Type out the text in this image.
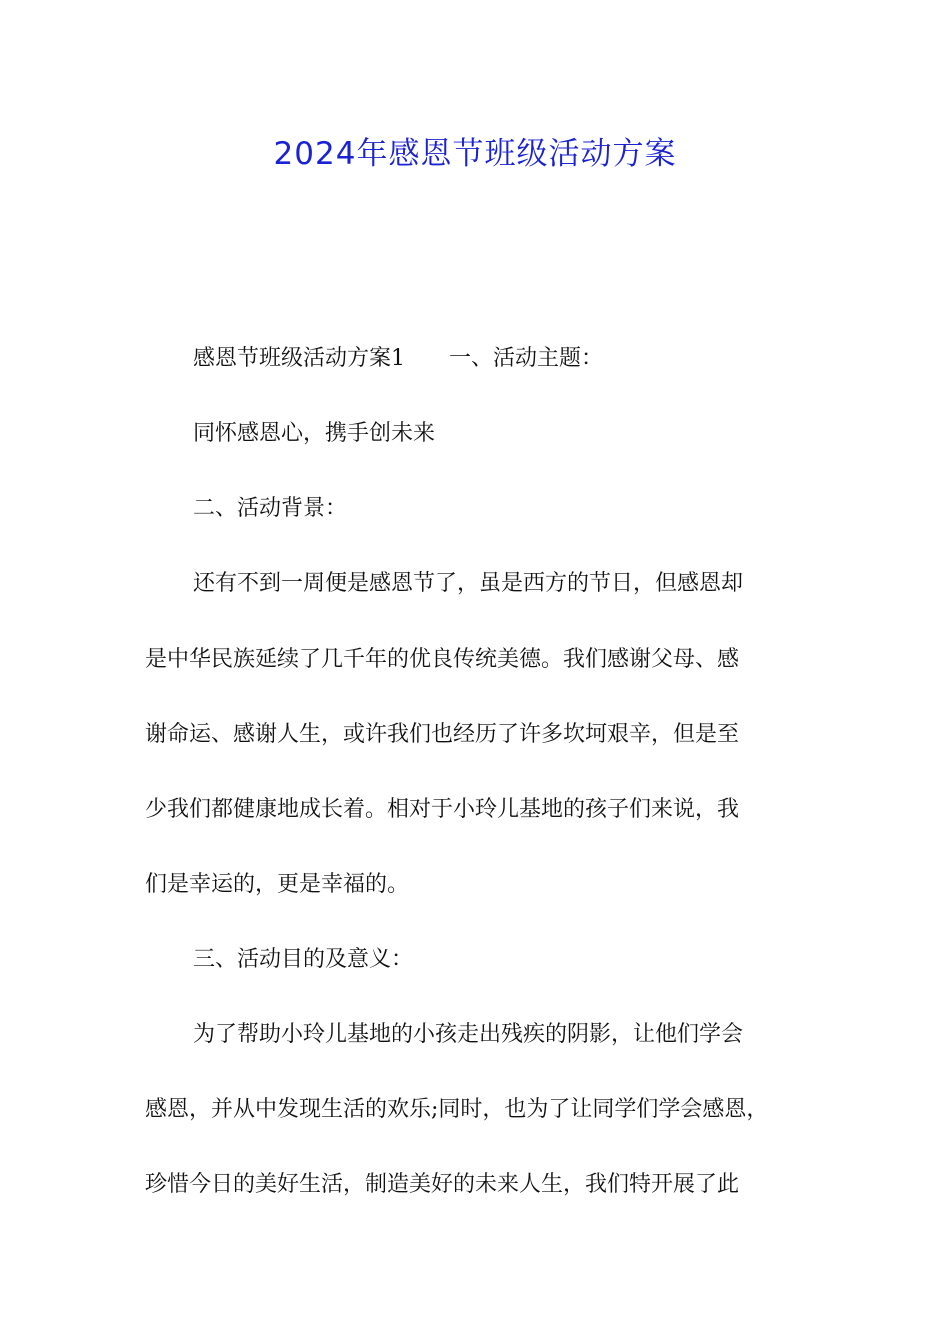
2024年感恩节班级活动方案
感恩节班级活动方案1 一、活动主题：
同怀感恩心，携手创未来
二、活动背景：
还有不到一周便是感恩节了，虽是西方的节日，但感恩却
是中华民族延续了几千年的优良传统美德。我们感谢父母、感
谢命运、感谢人生，或许我们也经历了许多坎坷艰辛，但是至
少我们都健康地成长着。相对于小玲儿基地的孩子们来说，我
们是幸运的，更是幸福的。
三、活动目的及意义：
为了帮助小玲儿基地的小孩走出残疾的阴影，让他们学会
感恩，并从中发现生活的欢乐;同时，也为了让同学们学会感恩，
珍惜今日的美好生活，制造美好的未来人生，我们特开展了此
